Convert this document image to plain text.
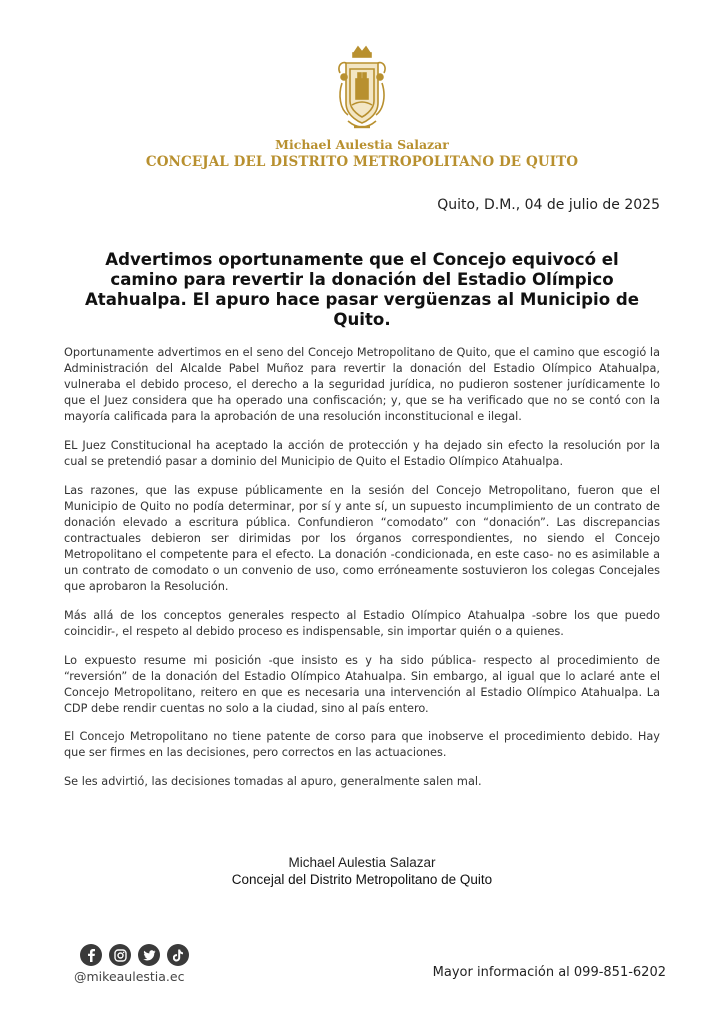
Michael Aulestia Salazar
CONCEJAL DEL DISTRITO METROPOLITANO DE QUITO
Quito, D.M., 04 de julio de 2025
Advertimos oportunamente que el Concejo equivocó el camino para revertir la donación del Estadio Olímpico Atahualpa. El apuro hace pasar vergüenzas al Municipio de Quito.

Oportunamente advertimos en el seno del Concejo Metropolitano de Quito, que el camino que escogió la Administración del Alcalde Pabel Muñoz para revertir la donación del Estadio Olímpico Atahualpa, vulneraba el debido proceso, el derecho a la seguridad jurídica, no pudieron sostener jurídicamente lo que el Juez considera que ha operado una confiscación; y, que se ha verificado que no se contó con la mayoría calificada para la aprobación de una resolución inconstitucional e ilegal.

EL Juez Constitucional ha aceptado la acción de protección y ha dejado sin efecto la resolución por la cual se pretendió pasar a dominio del Municipio de Quito el Estadio Olímpico Atahualpa.

Las razones, que las expuse públicamente en la sesión del Concejo Metropolitano, fueron que el Municipio de Quito no podía determinar, por sí y ante sí, un supuesto incumplimiento de un contrato de donación elevado a escritura pública. Confundieron “comodato” con “donación”. Las discrepancias contractuales debieron ser dirimidas por los órganos correspondientes, no siendo el Concejo Metropolitano el competente para el efecto. La donación -condicionada, en este caso- no es asimilable a un contrato de comodato o un convenio de uso, como erróneamente sostuvieron los colegas Concejales que aprobaron la Resolución.

Más allá de los conceptos generales respecto al Estadio Olímpico Atahualpa -sobre los que puedo coincidir-, el respeto al debido proceso es indispensable, sin importar quién o a quienes.

Lo expuesto resume mi posición -que insisto es y ha sido pública- respecto al procedimiento de “reversión” de la donación del Estadio Olímpico Atahualpa. Sin embargo, al igual que lo aclaré ante el Concejo Metropolitano, reitero en que es necesaria una intervención al Estadio Olímpico Atahualpa. La CDP debe rendir cuentas no solo a la ciudad, sino al país entero.

El Concejo Metropolitano no tiene patente de corso para que inobserve el procedimiento debido. Hay que ser firmes en las decisiones, pero correctos en las actuaciones.

Se les advirtió, las decisiones tomadas al apuro, generalmente salen mal.

Michael Aulestia Salazar
Concejal del Distrito Metropolitano de Quito
@mikeaulestia.ec	Mayor información al 099-851-6202
